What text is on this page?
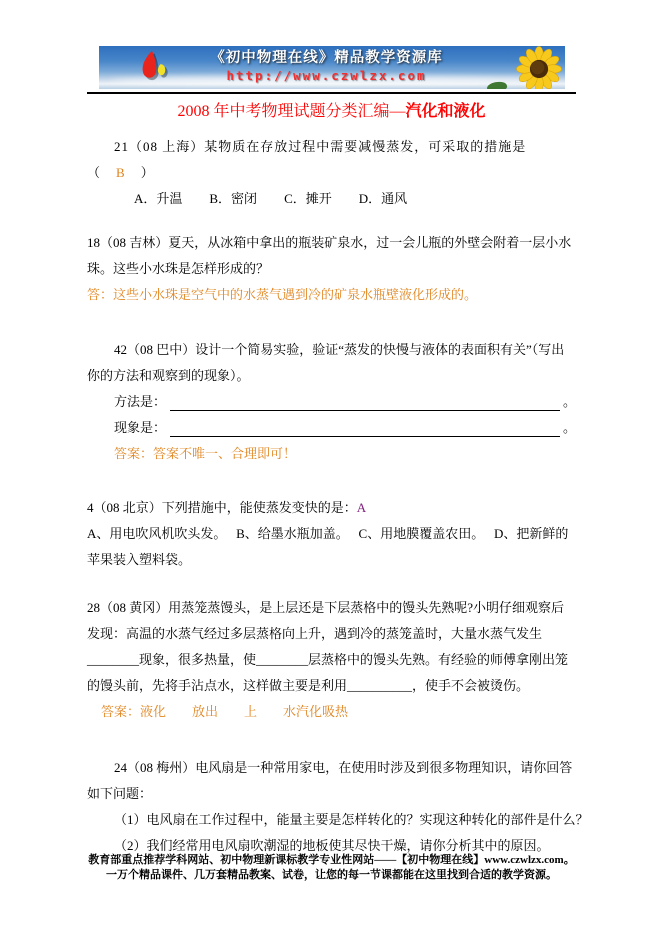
《初中物理在线》精品教学资源库
http://www.czwlzx.com

2008 年中考物理试题分类汇编—汽化和液化

21（08 上海）某物质在存放过程中需要减慢蒸发，可采取的措施是

（ B ）

A．升温 B．密闭 C．摊开 D．通风

18（08 吉林）夏天，从冰箱中拿出的瓶装矿泉水，过一会儿瓶的外壁会附着一层小水珠。这些小水珠是怎样形成的？

答：这些小水珠是空气中的水蒸气遇到冷的矿泉水瓶壁液化形成的。

42（08 巴中）设计一个简易实验，验证“蒸发的快慢与液体的表面积有关”（写出你的方法和观察到的现象）。

方法是：	。

现象是：	。

答案：答案不唯一、合理即可！

4（08 北京）下列措施中，能使蒸发变快的是：A

A、用电吹风机吹头发。　 B、给墨水瓶加盖。　 C、用地膜覆盖农田。　 D、把新鲜的苹果装入塑料袋。

28（08 黄冈）用蒸笼蒸馒头，是上层还是下层蒸格中的馒头先熟呢?小明仔细观察后发现：高温的水蒸气经过多层蒸格向上升，遇到冷的蒸笼盖时，大量水蒸气发生________现象，很多热量，使________层蒸格中的馒头先熟。有经验的师傅拿刚出笼的馒头前，先将手沾点水，这样做主要是利用__________，使手不会被烫伤。

答案：液化　　放出　　上　　水汽化吸热

24（08 梅州）电风扇是一种常用家电，在使用时涉及到很多物理知识，请你回答如下问题：

（1）电风扇在工作过程中，能量主要是怎样转化的？实现这种转化的部件是什么？

（2）我们经常用电风扇吹潮湿的地板使其尽快干燥，请你分析其中的原因。

教育部重点推荐学科网站、初中物理新课标教学专业性网站——【初中物理在线】www.czwlzx.com。一万个精品课件、几万套精品教案、试卷，让您的每一节课都能在这里找到合适的教学资源。
